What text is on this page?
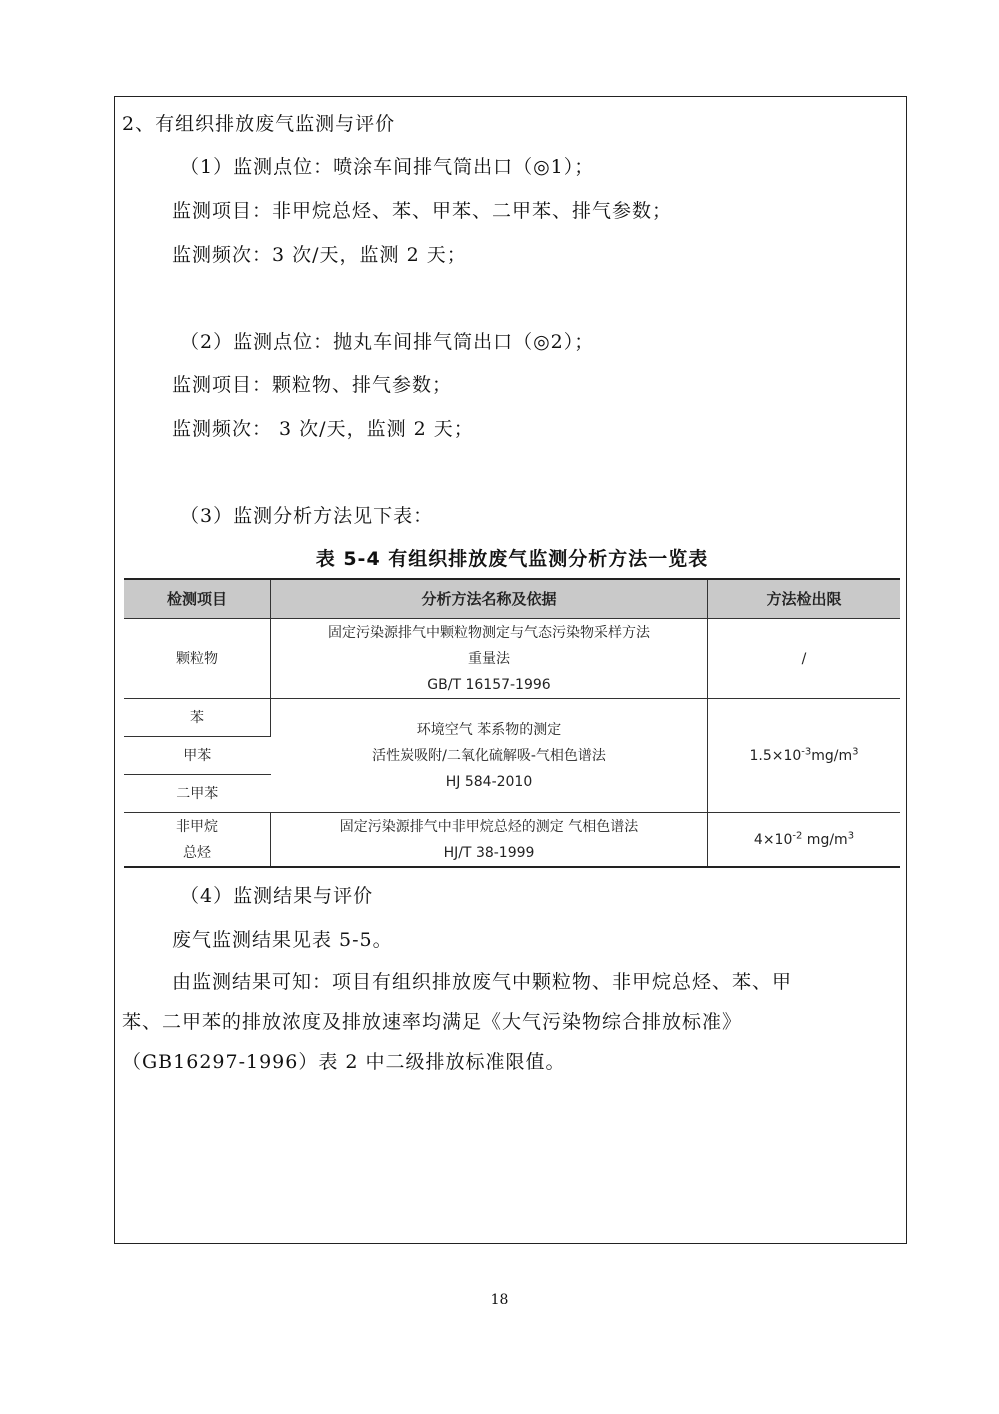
2、有组织排放废气监测与评价
（1）监测点位：喷涂车间排气筒出口（◎1）；
监测项目：非甲烷总烃、苯、甲苯、二甲苯、排气参数；
监测频次：3 次/天，监测 2 天；
（2）监测点位：抛丸车间排气筒出口（◎2）；
监测项目：颗粒物、排气参数；
监测频次： 3 次/天，监测 2 天；
（3）监测分析方法见下表：
表 5-4 有组织排放废气监测分析方法一览表
检测项目	分析方法名称及依据	方法检出限
颗粒物	固定污染源排气中颗粒物测定与气态污染物采样方法
重量法
GB/T 16157-1996	/
苯	环境空气 苯系物的测定
活性炭吸附/二氧化硫解吸-气相色谱法
HJ 584-2010	$1.5\times 10^{-3}mg/m^3$
甲苯		
二甲苯		

非甲烷
总烃	固定污染源排气中非甲烷总烃的测定 气相色谱法
HJ/T 38-1999	$4\times 10^{-2}$ $mg/m^3$
（4）监测结果与评价
废气监测结果见表 5-5。
由监测结果可知：项目有组织排放废气中颗粒物、非甲烷总烃、苯、甲
苯、二甲苯的排放浓度及排放速率均满足《大气污染物综合排放标准》
（GB16297-1996）表 2 中二级排放标准限值。
18
